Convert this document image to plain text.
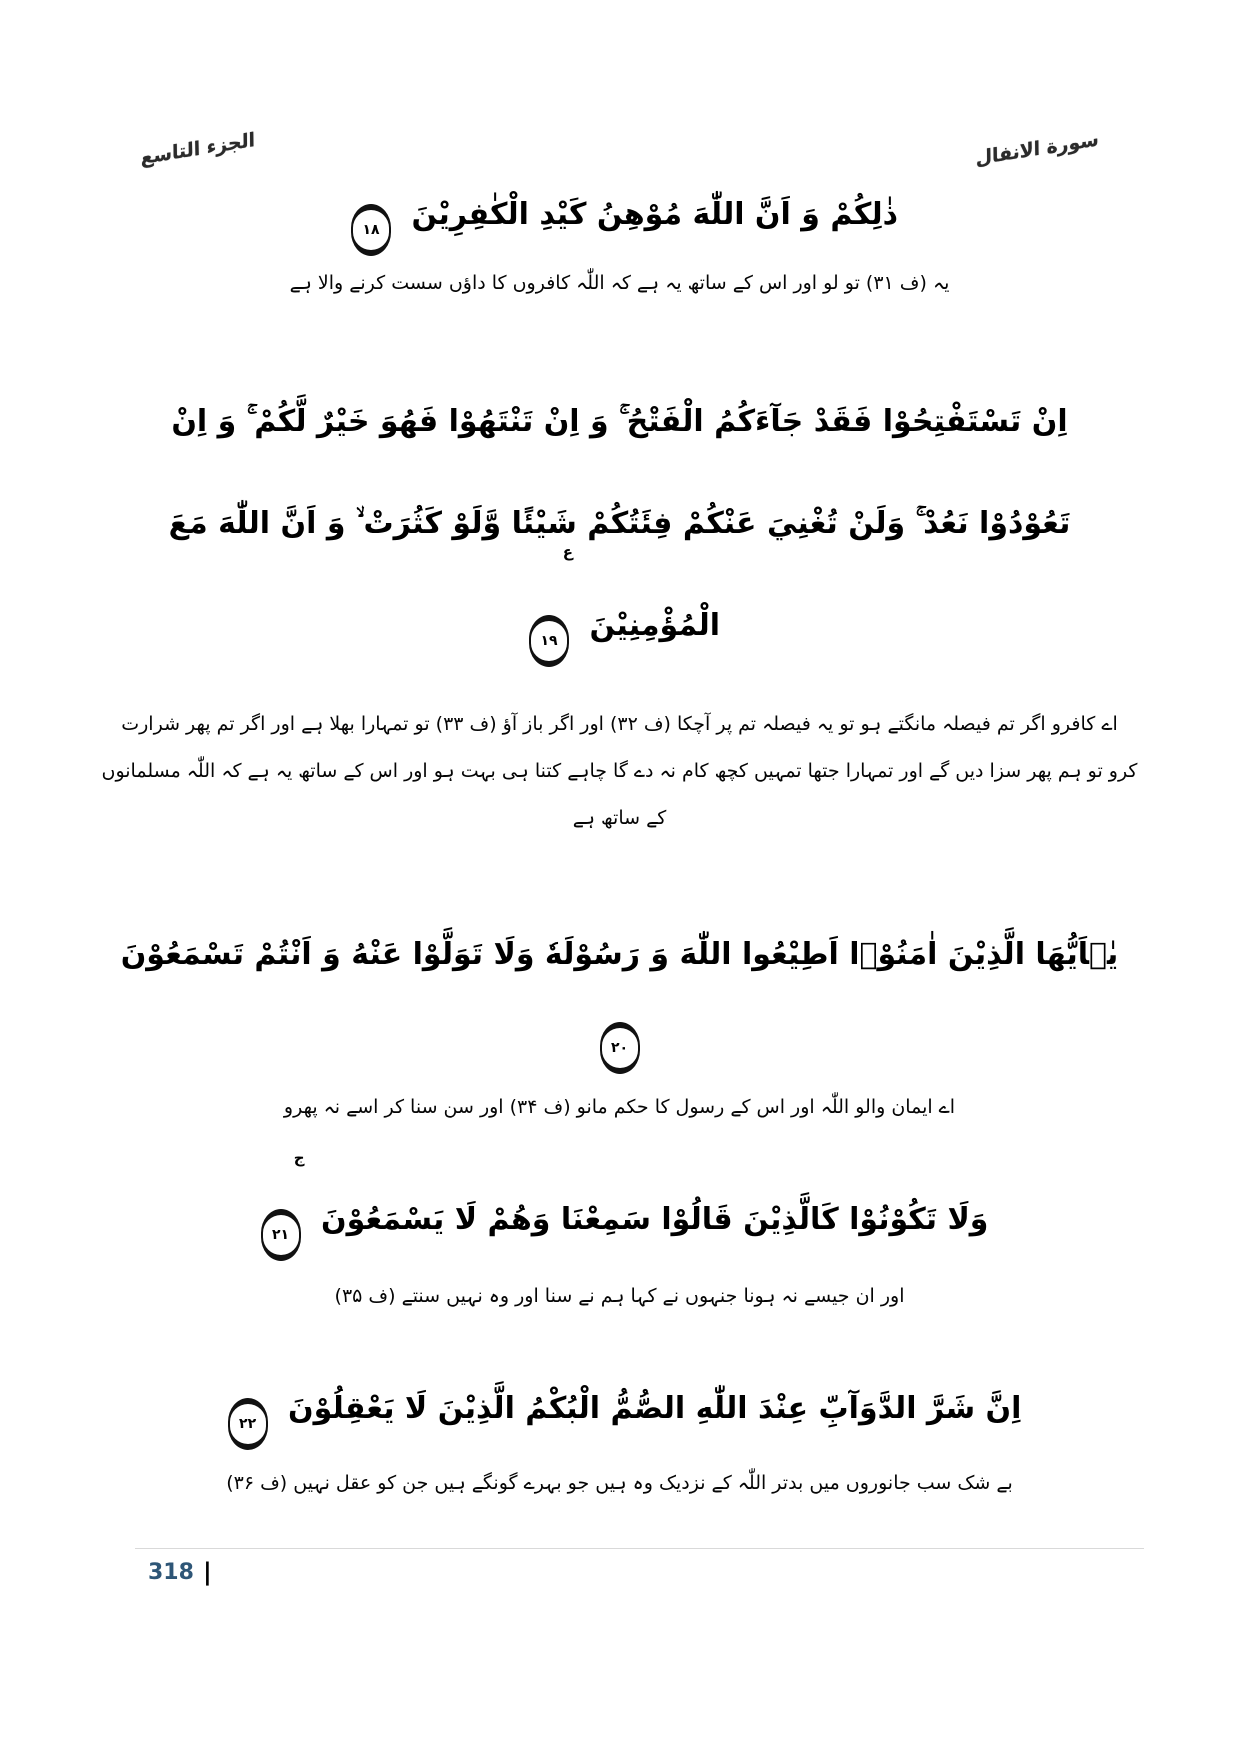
الجزء التاسع	سورة الانفال
ذٰلِكُمْ وَ اَنَّ اللّٰهَ مُوْهِنُ كَيْدِ الْكٰفِرِيْنَ
١٨
یہ (ف ۳۱) تو لو اور اس کے ساتھ یہ ہے کہ اللّٰہ کافروں کا داؤں سست کرنے والا ہے
اِنْ تَسْتَفْتِحُوْا فَقَدْ جَآءَكُمُ الْفَتْحُ ۚ وَ اِنْ تَنْتَهُوْا فَهُوَ خَيْرٌ لَّكُمْ ۚ وَ اِنْ
تَعُوْدُوْا نَعُدْ ۚ وَلَنْ تُغْنِيَ عَنْكُمْ فِئَتُكُمْ شَيْئًا وَّلَوْ كَثُرَتْ ۙ وَ اَنَّ اللّٰهَ مَعَ
الْمُؤْمِنِيْنَ
ع
١٩
اے کافرو اگر تم فیصلہ مانگتے ہو تو یہ فیصلہ تم پر آچکا (ف ۳۲) اور اگر باز آؤ (ف ۳۳) تو تمہارا بھلا ہے اور اگر تم پھر شرارت
کرو تو ہم پھر سزا دیں گے اور تمہارا جتھا تمہیں کچھ کام نہ دے گا چاہے کتنا ہی بہت ہو اور اس کے ساتھ یہ ہے کہ اللّٰہ مسلمانوں
کے ساتھ ہے
يٰۤاَيُّهَا الَّذِيْنَ اٰمَنُوْۤا اَطِيْعُوا اللّٰهَ وَ رَسُوْلَهٗ وَلَا تَوَلَّوْا عَنْهُ وَ اَنْتُمْ تَسْمَعُوْنَ
٢٠
اے ایمان والو اللّٰہ اور اس کے رسول کا حکم مانو (ف ۳۴) اور سن سنا کر اسے نہ پھرو
وَلَا تَكُوْنُوْا كَالَّذِيْنَ قَالُوْا سَمِعْنَا وَهُمْ لَا يَسْمَعُوْنَ
ج
٢١
اور ان جیسے نہ ہونا جنہوں نے کہا ہم نے سنا اور وہ نہیں سنتے (ف ۳۵)
اِنَّ شَرَّ الدَّوَآبِّ عِنْدَ اللّٰهِ الصُّمُّ الْبُكْمُ الَّذِيْنَ لَا يَعْقِلُوْنَ
٢٢
بے شک سب جانوروں میں بدتر اللّٰہ کے نزدیک وہ ہیں جو بہرے گونگے ہیں جن کو عقل نہیں (ف ۳۶)
318 |
